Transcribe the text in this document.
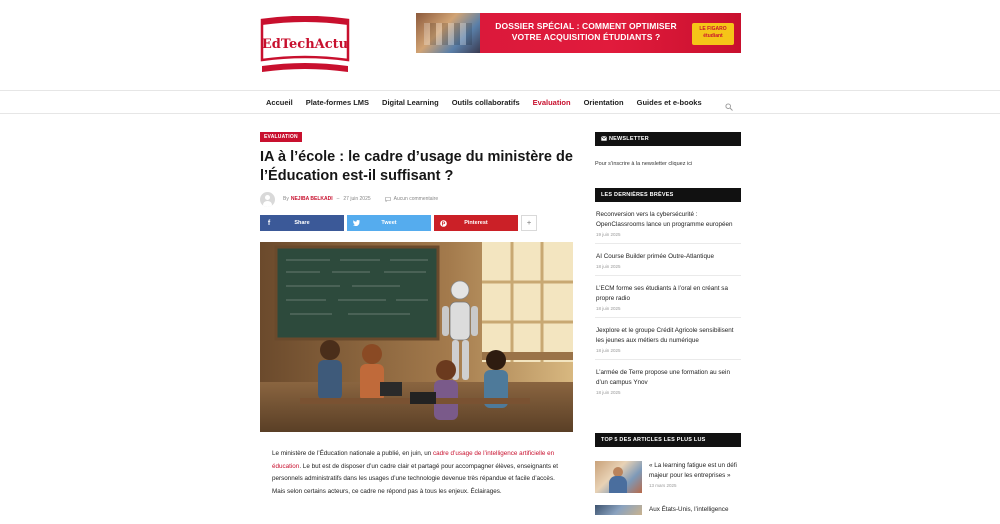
EdTechActu
DOSSIER SPÉCIAL : COMMENT OPTIMISER VOTRE ACQUISITION ÉTUDIANTS ?
LE FIGARO étudiant
Accueil Plate-formes LMS Digital Learning Outils collaboratifs Evaluation Orientation Guides et e-books
EVALUATION
IA à l’école : le cadre d’usage du ministère de l’Éducation est-il suffisant ?
By NEJIBA BELKADI – 27 juin 2025	Aucun commentaire
f	Share	Tweet	P	Pinterest	+

Le ministère de l’Éducation nationale a publié, en juin, un cadre d’usage de l’intelligence artificielle en éducation. Le but est de disposer d’un cadre clair et partagé pour accompagner élèves, enseignants et personnels administratifs dans les usages d’une technologie devenue très répandue et facile d’accès. Mais selon certains acteurs, ce cadre ne répond pas à tous les enjeux. Éclairages.

NEWSLETTER
Pour s’inscrire à la newsletter cliquez ici
LES DERNIÈRES BRÈVES
Reconversion vers la cybersécurité : OpenClassrooms lance un programme européen
19 juin 2025
AI Course Builder primée Outre-Atlantique
18 juin 2025
L’ECM forme ses étudiants à l’oral en créant sa propre radio
18 juin 2025
Jexplore et le groupe Crédit Agricole sensibilisent les jeunes aux métiers du numérique
18 juin 2025
L’armée de Terre propose une formation au sein d’un campus Ynov
18 juin 2025
TOP 5 DES ARTICLES LES PLUS LUS
« La learning fatigue est un défi majeur pour les entreprises »
13 mars 2025
Aux États-Unis, l’intelligence
